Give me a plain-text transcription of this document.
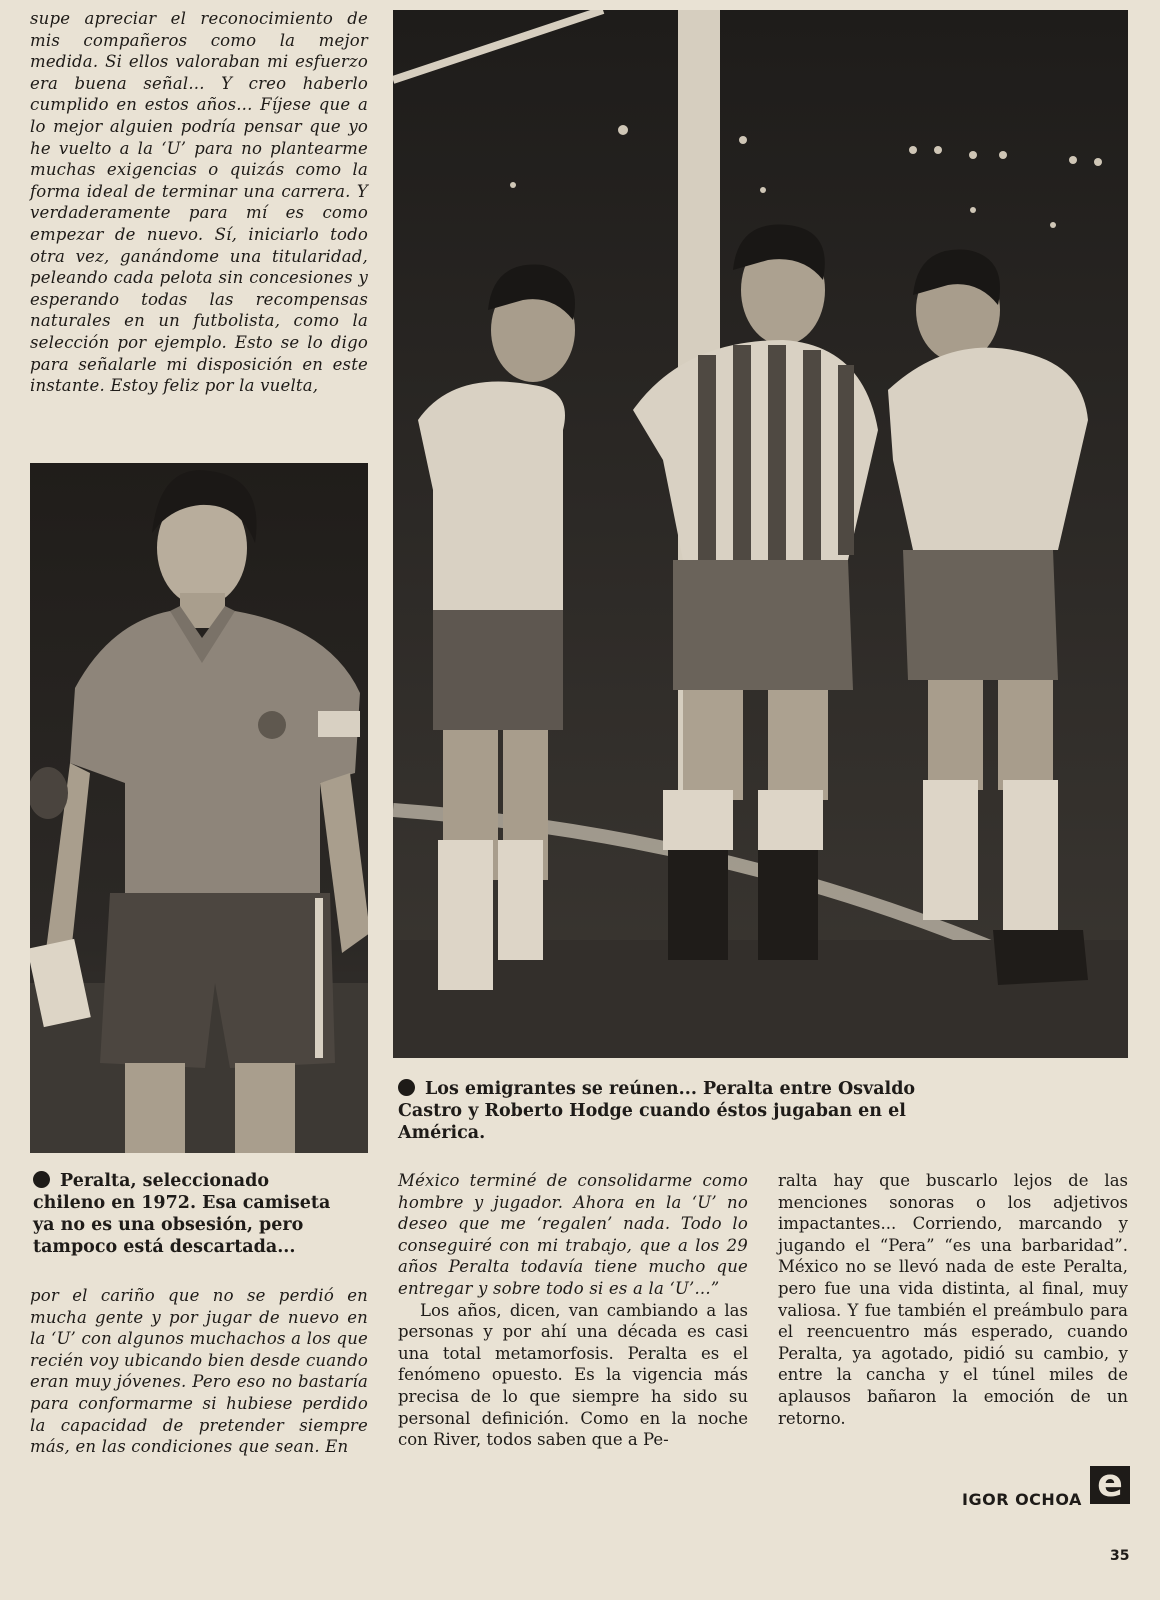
supe apreciar el reconocimiento de mis compañeros como la mejor medida. Si ellos valoraban mi esfuerzo era buena señal... Y creo haberlo cumplido en estos años... Fíjese que a lo mejor alguien podría pensar que yo he vuelto a la ‘U’ para no plantearme muchas exigencias o quizás como la forma ideal de terminar una carrera. Y verdaderamente para mí es como empezar de nuevo. Sí, iniciarlo todo otra vez, ganándome una titularidad, peleando cada pelota sin concesiones y esperando todas las recompensas naturales en un futbolista, como la selección por ejemplo. Esto se lo digo para señalarle mi disposición en este instante. Estoy feliz por la vuelta,
Peralta, seleccionado chileno en 1972. Esa camiseta ya no es una obsesión, pero tampoco está descartada...
por el cariño que no se perdió en mucha gente y por jugar de nuevo en la ‘U’ con algunos muchachos a los que recién voy ubicando bien desde cuando eran muy jóvenes. Pero eso no bastaría para conformarme si hubiese perdido la capacidad de pretender siempre más, en las condiciones que sean. En
Los emigrantes se reúnen... Peralta entre Osvaldo Castro y Roberto Hodge cuando éstos jugaban en el América.

México terminé de consolidarme como hombre y jugador. Ahora en la ‘U’ no deseo que me ‘regalen’ nada. Todo lo conseguiré con mi trabajo, que a los 29 años Peralta todavía tiene mucho que entregar y sobre todo si es a la ‘U’...”

Los años, dicen, van cambiando a las personas y por ahí una década es casi una total metamorfosis. Peralta es el fenómeno opuesto. Es la vigencia más precisa de lo que siempre ha sido su personal definición. Como en la noche con River, todos saben que a Pe-

ralta hay que buscarlo lejos de las menciones sonoras o los adjetivos impactantes... Corriendo, marcando y jugando el “Pera” “es una barbaridad”. México no se llevó nada de este Peralta, pero fue una vida distinta, al final, muy valiosa. Y fue también el preámbulo para el reencuentro más esperado, cuando Peralta, ya agotado, pidió su cambio, y entre la cancha y el túnel miles de aplausos bañaron la emoción de un retorno.
IGOR OCHOA e
35
